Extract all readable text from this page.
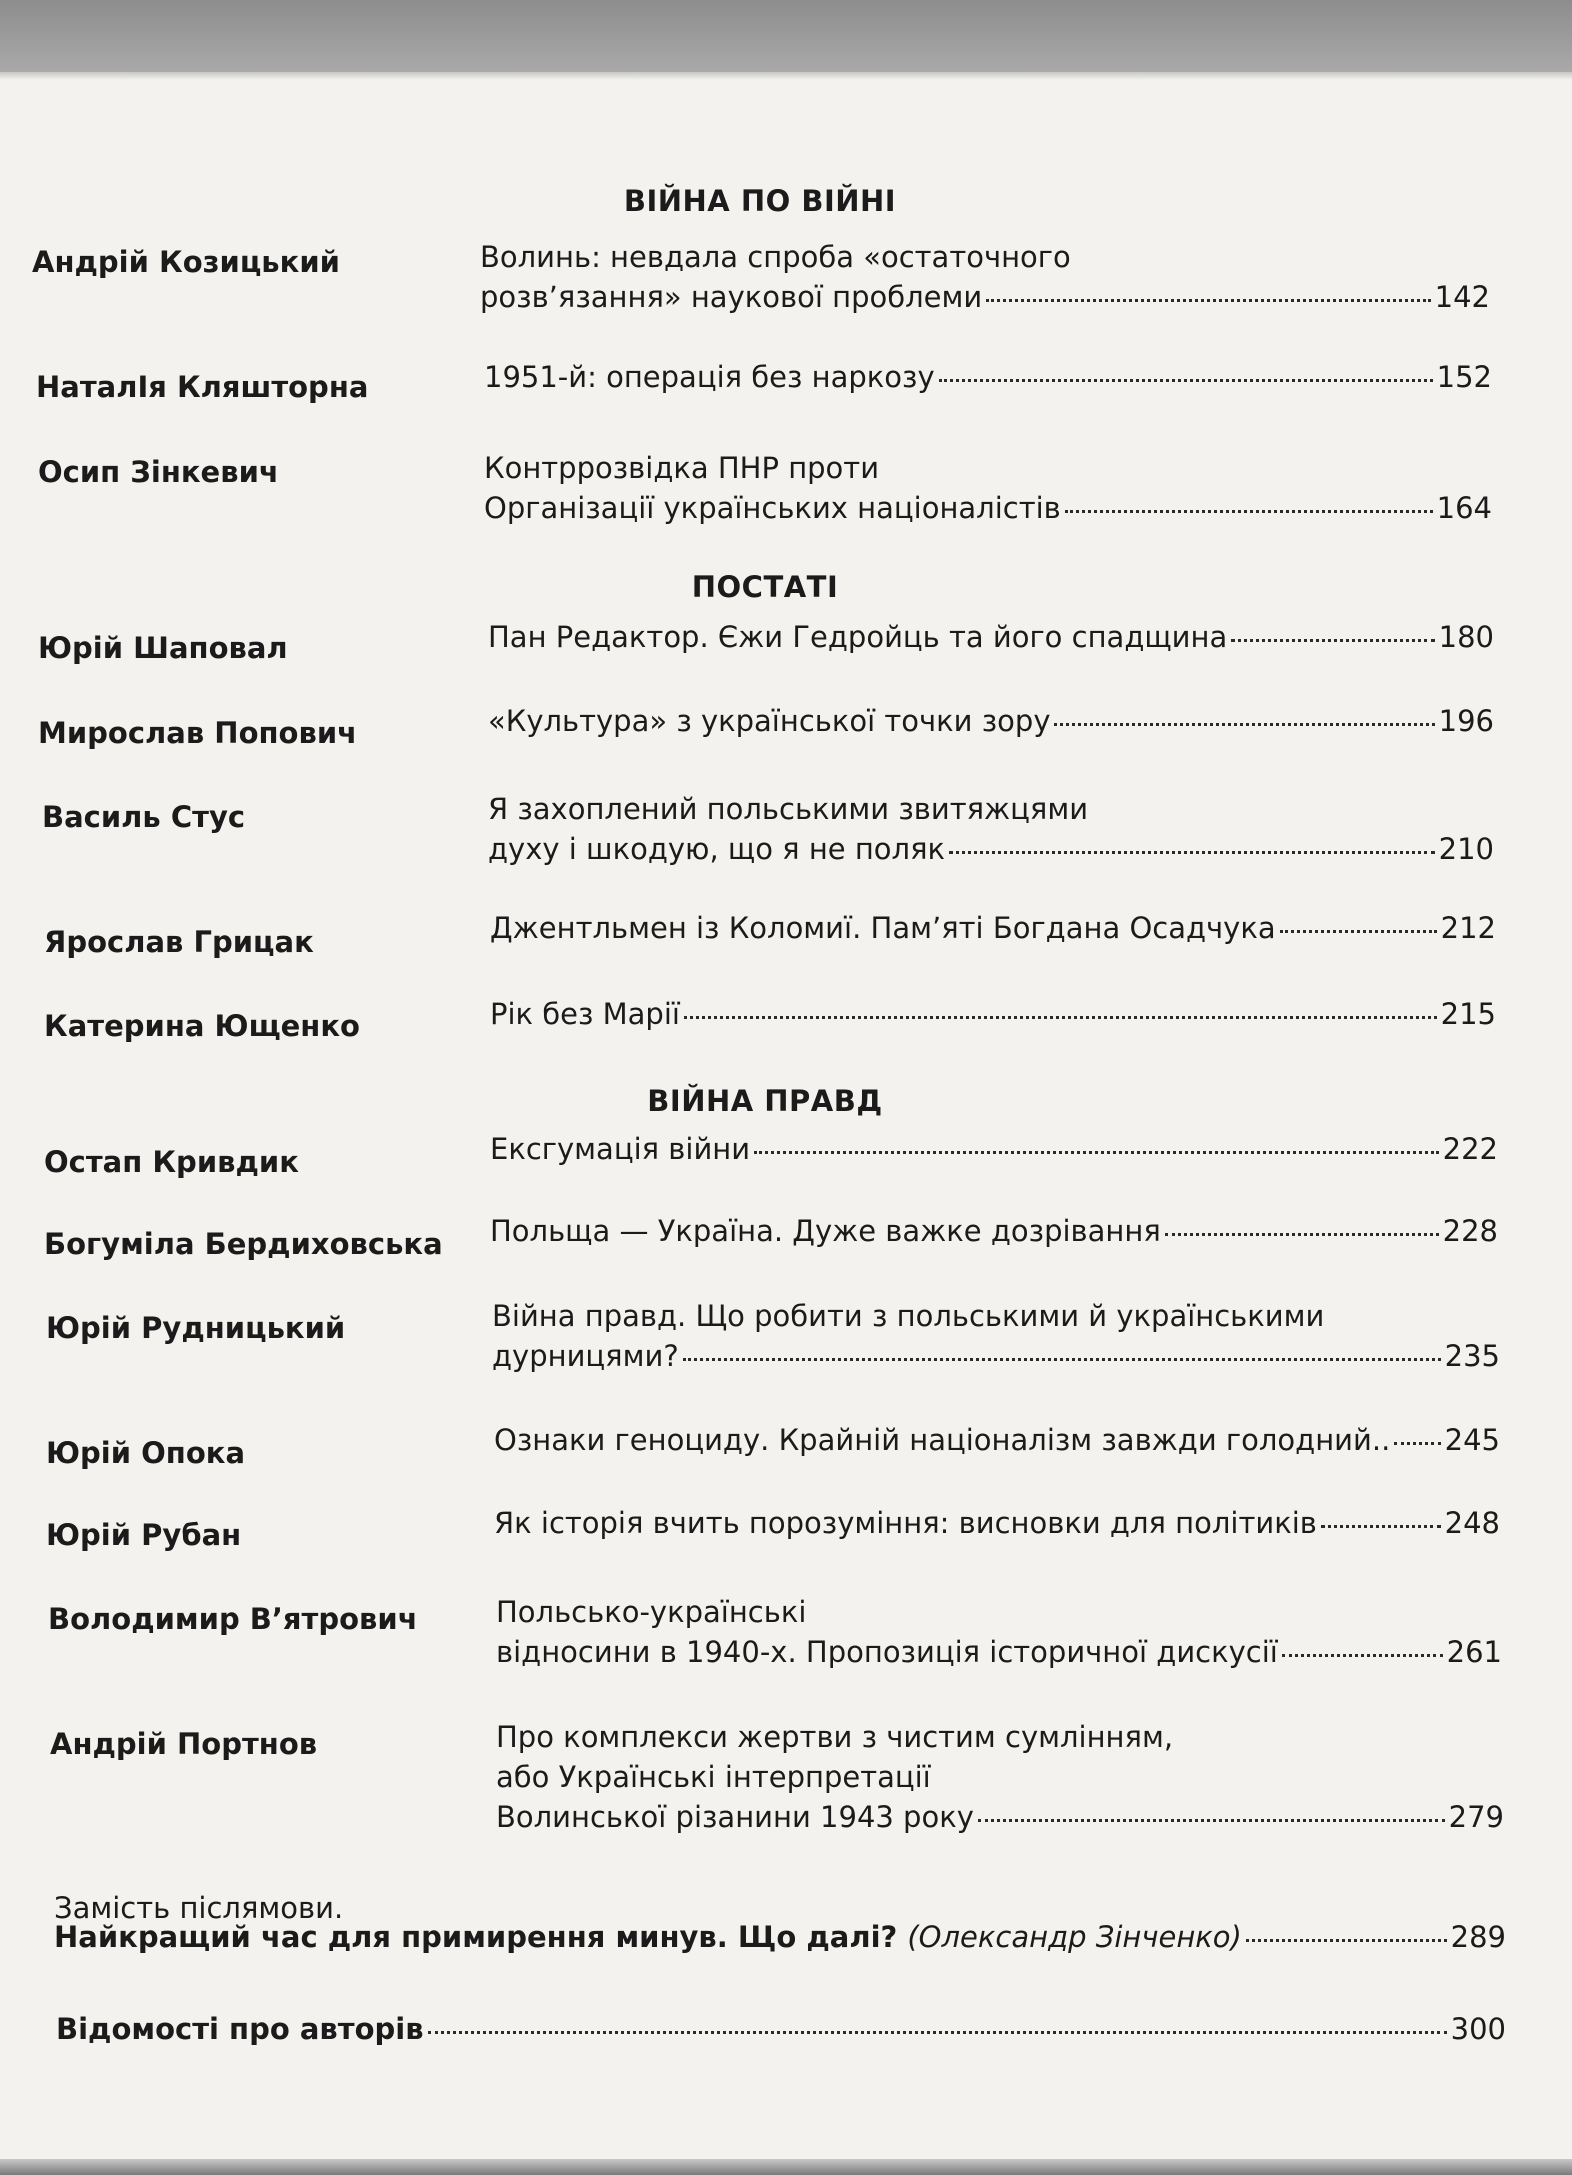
ВІЙНА ПО ВІЙНІ
ПОСТАТІ
ВІЙНА ПРАВД
Андрій Козицький	Волинь: невдала спроба «остаточного
розв’язання» наукової проблеми	142
НаталІя Кляшторна	1951-й: операція без наркозу	152
Осип Зінкевич	Контррозвідка ПНР проти
Організації українських націоналістів	164
Юрій Шаповал	Пан Редактор. Єжи Гедройць та його спадщина	180
Мирослав Попович	«Культура» з української точки зору	196
Василь Стус	Я захоплений польськими звитяжцями
духу і шкодую, що я не поляк	210
Ярослав Грицак	Джентльмен із Коломиї. Пам’яті Богдана Осадчука	212
Катерина Ющенко	Рік без Марії	215
Остап Кривдик	Ексгумація війни	222
Богуміла Бердиховська Польща — Україна. Дуже важке дозрівання	228
Юрій Рудницький	Війна правд. Що робити з польськими й українськими
дурницями?	235
Юрій Опока	Ознаки геноциду. Крайній націоналізм завжди голодний.. 245
Юрій Рубан	Як історія вчить порозуміння: висновки для політиків	248
Володимир В’ятрович	Польсько-українські
відносини в 1940-х. Пропозиція історичної дискусії	261
Андрій Портнов	Про комплекси жертви з чистим сумлінням,
або Українські інтерпретації
Волинської різанини 1943 року	279
Замість післямови.
Найкращий час для примирення минув. Що далі? (Олександр Зінченко)	289
Відомості про авторів	300
